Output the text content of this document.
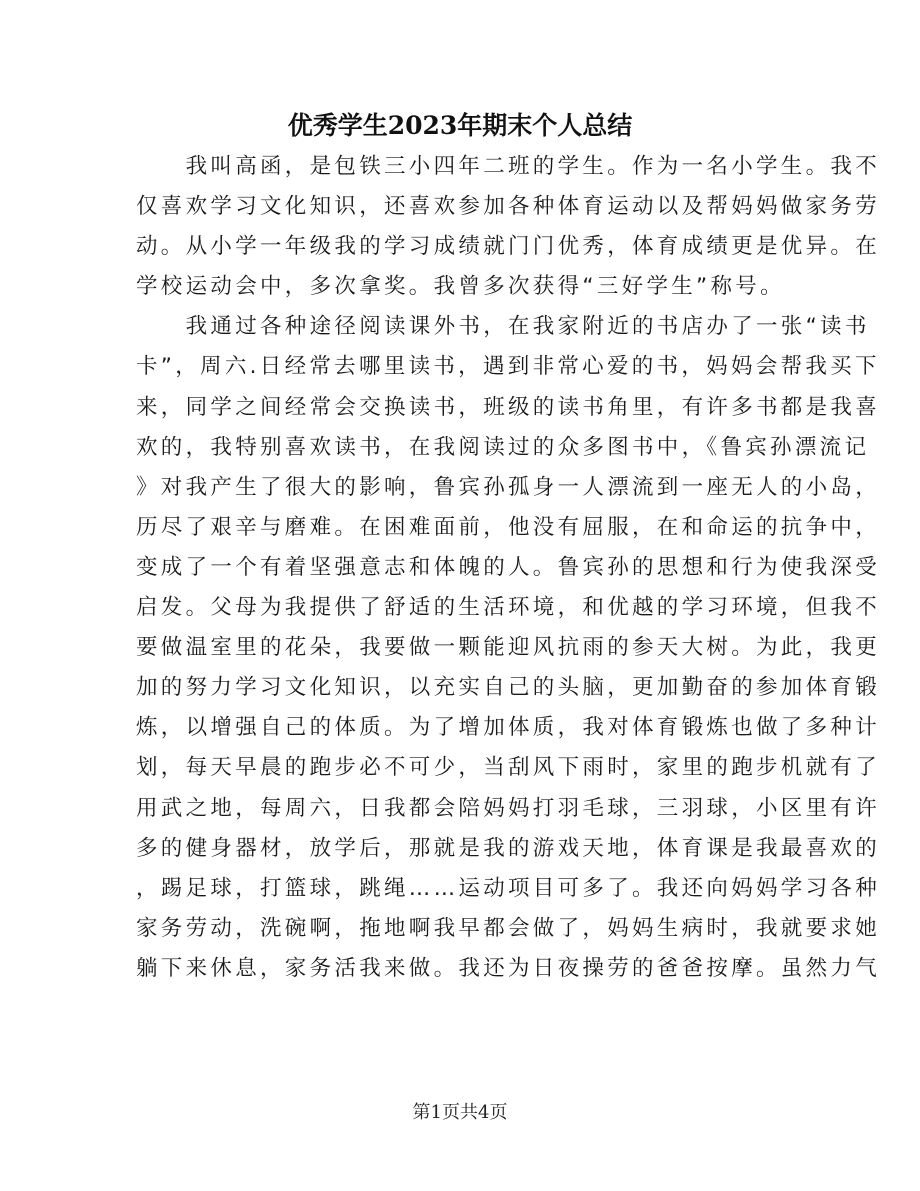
优秀学生2023年期末个人总结
　　我叫高函，是包铁三小四年二班的学生。作为一名小学生。我不
仅喜欢学习文化知识，还喜欢参加各种体育运动以及帮妈妈做家务劳
动。从小学一年级我的学习成绩就门门优秀，体育成绩更是优异。在
学校运动会中，多次拿奖。我曾多次获得“三好学生”称号。
　　我通过各种途径阅读课外书，在我家附近的书店办了一张“读书
卡”，周六.日经常去哪里读书，遇到非常心爱的书，妈妈会帮我买下
来，同学之间经常会交换读书，班级的读书角里，有许多书都是我喜
欢的，我特别喜欢读书，在我阅读过的众多图书中，《鲁宾孙漂流记
》对我产生了很大的影响，鲁宾孙孤身一人漂流到一座无人的小岛，
历尽了艰辛与磨难。在困难面前，他没有屈服，在和命运的抗争中，
变成了一个有着坚强意志和体魄的人。鲁宾孙的思想和行为使我深受
启发。父母为我提供了舒适的生活环境，和优越的学习环境，但我不
要做温室里的花朵，我要做一颗能迎风抗雨的参天大树。为此，我更
加的努力学习文化知识，以充实自己的头脑，更加勤奋的参加体育锻
炼，以增强自己的体质。为了增加体质，我对体育锻炼也做了多种计
划，每天早晨的跑步必不可少，当刮风下雨时，家里的跑步机就有了
用武之地，每周六，日我都会陪妈妈打羽毛球，三羽球，小区里有许
多的健身器材，放学后，那就是我的游戏天地，体育课是我最喜欢的
，踢足球，打篮球，跳绳……运动项目可多了。我还向妈妈学习各种
家务劳动，洗碗啊，拖地啊我早都会做了，妈妈生病时，我就要求她
躺下来休息，家务活我来做。我还为日夜操劳的爸爸按摩。虽然力气
第1页共4页
